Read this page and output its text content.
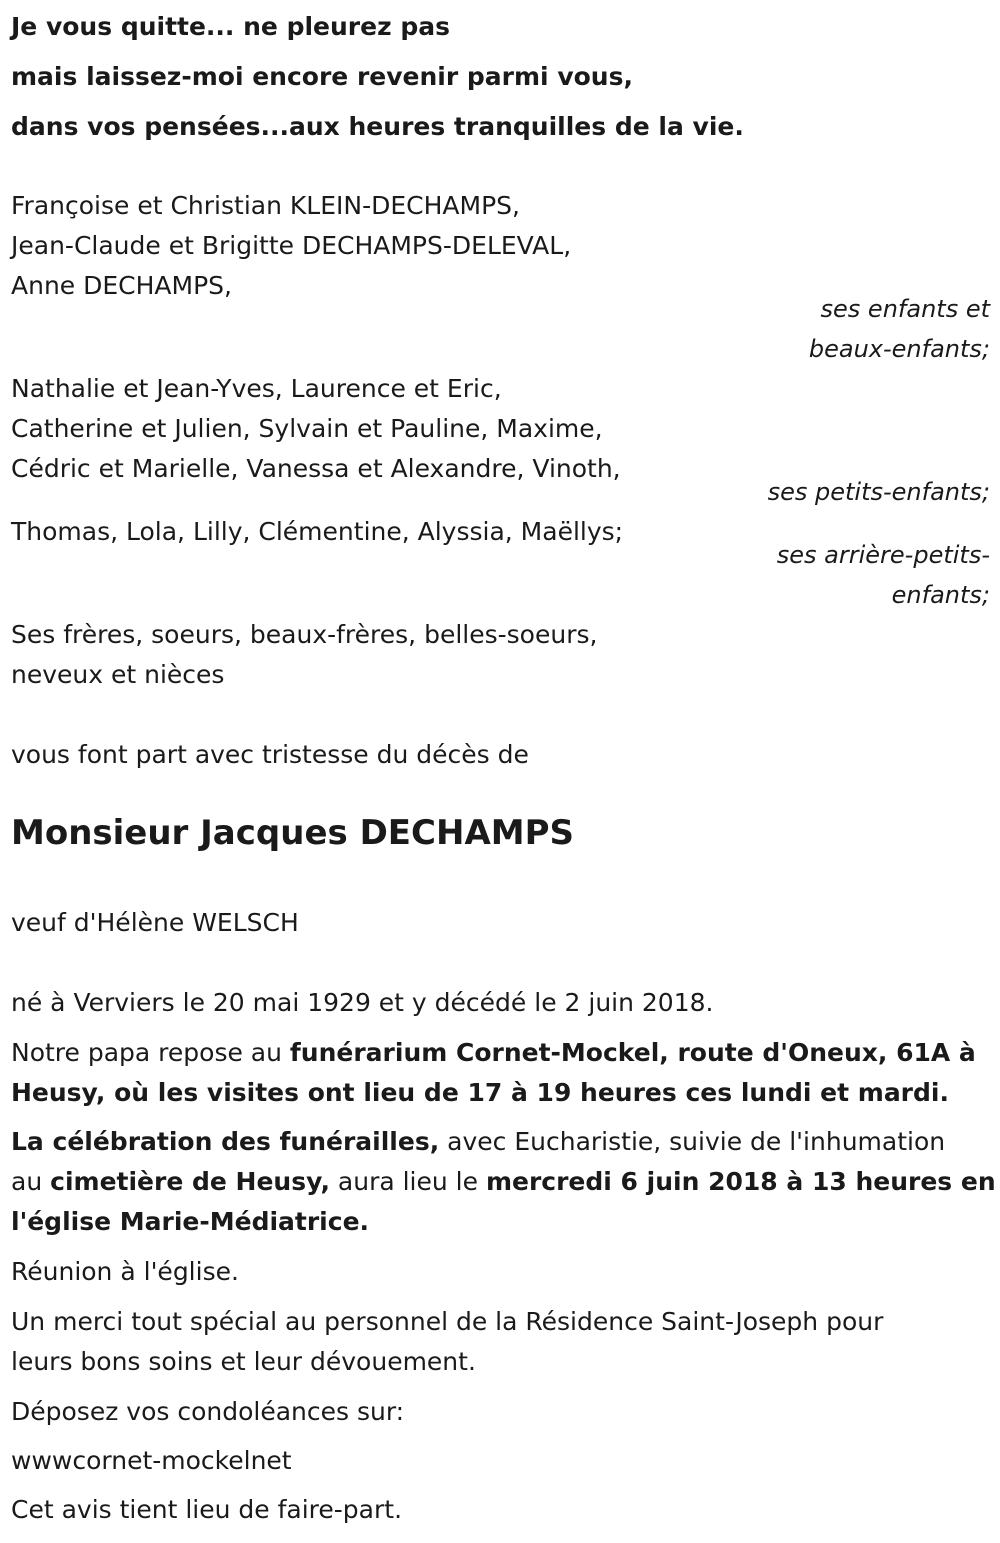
Je vous quitte... ne pleurez pas
mais laissez-moi encore revenir parmi vous,
dans vos pensées...aux heures tranquilles de la vie.
Françoise et Christian KLEIN-DECHAMPS,
Jean-Claude et Brigitte DECHAMPS-DELEVAL,
Anne DECHAMPS,
ses enfants et
beaux-enfants;
Nathalie et Jean-Yves, Laurence et Eric,
Catherine et Julien, Sylvain et Pauline, Maxime,
Cédric et Marielle, Vanessa et Alexandre, Vinoth,
ses petits-enfants;
Thomas, Lola, Lilly, Clémentine, Alyssia, Maëllys;
ses arrière-petits-
enfants;
Ses frères, soeurs, beaux-frères, belles-soeurs,
neveux et nièces
vous font part avec tristesse du décès de
Monsieur Jacques DECHAMPS
veuf d'Hélène WELSCH
né à Verviers le 20 mai 1929 et y décédé le 2 juin 2018.
Notre papa repose au funérarium Cornet-Mockel, route d'Oneux, 61A à
Heusy, où les visites ont lieu de 17 à 19 heures ces lundi et mardi.
La célébration des funérailles, avec Eucharistie, suivie de l'inhumation
au cimetière de Heusy, aura lieu le mercredi 6 juin 2018 à 13 heures en
l'église Marie-Médiatrice.
Réunion à l'église.
Un merci tout spécial au personnel de la Résidence Saint-Joseph pour
leurs bons soins et leur dévouement.
Déposez vos condoléances sur:
wwwcornet-mockelnet
Cet avis tient lieu de faire-part.
